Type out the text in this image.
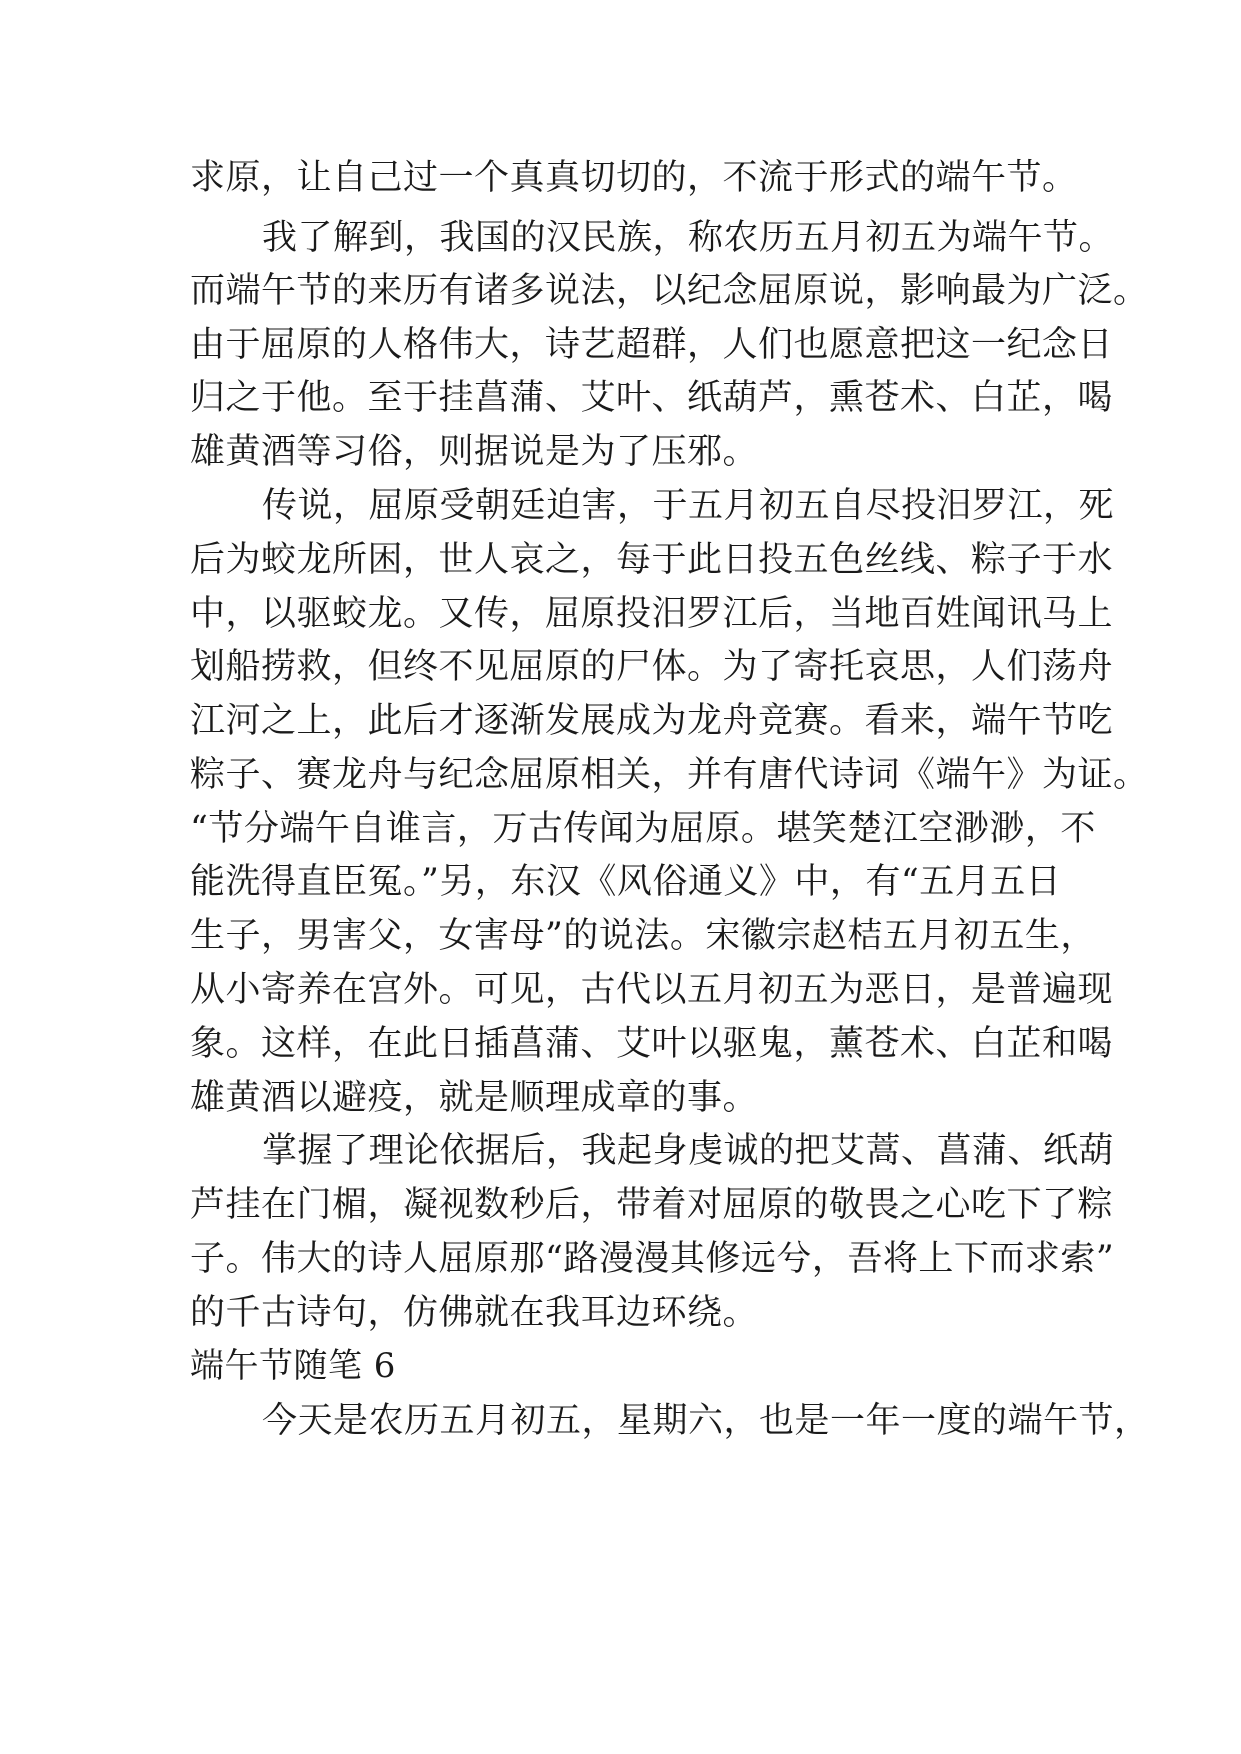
求原，让自己过一个真真切切的，不流于形式的端午节。
我了解到，我国的汉民族，称农历五月初五为端午节。
而端午节的来历有诸多说法，以纪念屈原说，影响最为广泛。
由于屈原的人格伟大，诗艺超群，人们也愿意把这一纪念日
归之于他。至于挂菖蒲、艾叶、纸葫芦，熏苍术、白芷，喝
雄黄酒等习俗，则据说是为了压邪。
传说，屈原受朝廷迫害，于五月初五自尽投汨罗江，死
后为蛟龙所困，世人哀之，每于此日投五色丝线、粽子于水
中，以驱蛟龙。又传，屈原投汨罗江后，当地百姓闻讯马上
划船捞救，但终不见屈原的尸体。为了寄托哀思，人们荡舟
江河之上，此后才逐渐发展成为龙舟竞赛。看来，端午节吃
粽子、赛龙舟与纪念屈原相关，并有唐代诗词《端午》为证。
“节分端午自谁言，万古传闻为屈原。堪笑楚江空渺渺，不
能洗得直臣冤。”另，东汉《风俗通义》中，有“五月五日
生子，男害父，女害母”的说法。宋徽宗赵桔五月初五生，
从小寄养在宫外。可见，古代以五月初五为恶日，是普遍现
象。这样，在此日插菖蒲、艾叶以驱鬼，薰苍术、白芷和喝
雄黄酒以避疫，就是顺理成章的事。
掌握了理论依据后，我起身虔诚的把艾蒿、菖蒲、纸葫
芦挂在门楣，凝视数秒后，带着对屈原的敬畏之心吃下了粽
子。伟大的诗人屈原那“路漫漫其修远兮，吾将上下而求索”
的千古诗句，仿佛就在我耳边环绕。
端午节随笔 6
今天是农历五月初五，星期六，也是一年一度的端午节，
